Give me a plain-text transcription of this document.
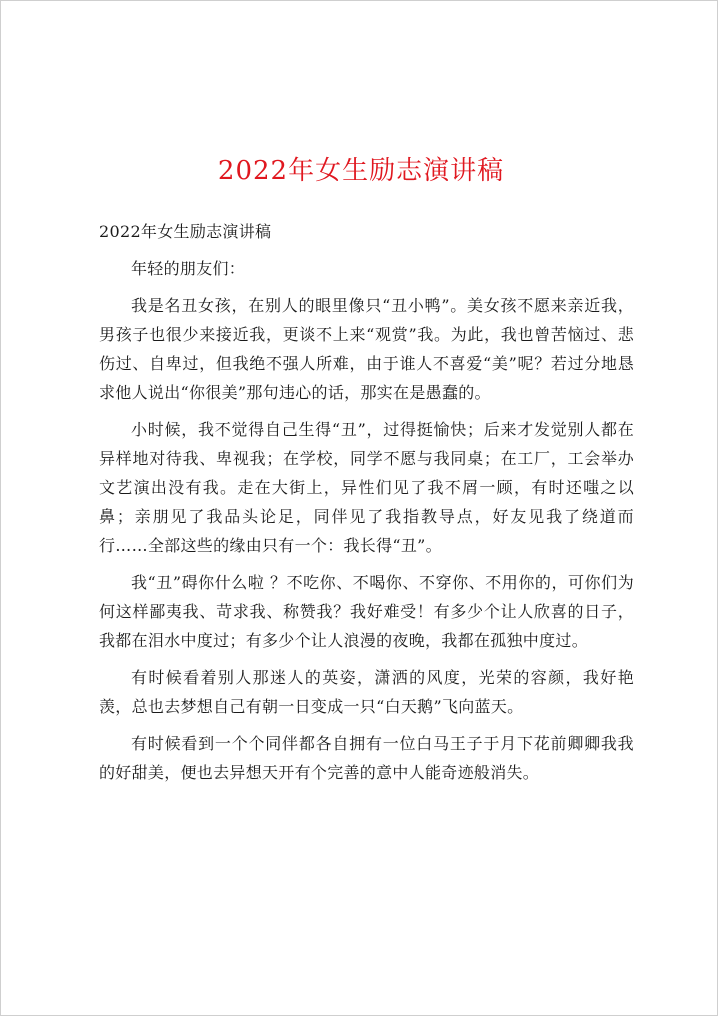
2022年女生励志演讲稿

2022年女生励志演讲稿

年轻的朋友们：

我是名丑女孩，在别人的眼里像只“丑小鸭”。美女孩不愿来亲近我，男孩子也很少来接近我，更谈不上来“观赏”我。为此，我也曾苦恼过、悲伤过、自卑过，但我绝不强人所难，由于谁人不喜爱“美”呢？若过分地恳求他人说出“你很美”那句违心的话，那实在是愚蠢的。

小时候，我不觉得自己生得“丑”，过得挺愉快；后来才发觉别人都在异样地对待我、卑视我；在学校，同学不愿与我同桌；在工厂，工会举办文艺演出没有我。走在大街上，异性们见了我不屑一顾，有时还嗤之以鼻；亲朋见了我品头论足，同伴见了我指教导点，好友见我了绕道而行……全部这些的缘由只有一个：我长得“丑”。

我“丑”碍你什么啦 ？不吃你、不喝你、不穿你、不用你的，可你们为何这样鄙夷我、苛求我、称赞我？我好难受！有多少个让人欣喜的日子，我都在泪水中度过；有多少个让人浪漫的夜晚，我都在孤独中度过。

有时候看着别人那迷人的英姿，潇洒的风度，光荣的容颜，我好艳羡，总也去梦想自己有朝一日变成一只“白天鹅”飞向蓝天。

有时候看到一个个同伴都各自拥有一位白马王子于月下花前卿卿我我的好甜美，便也去异想天开有个完善的意中人能奇迹般消失。
